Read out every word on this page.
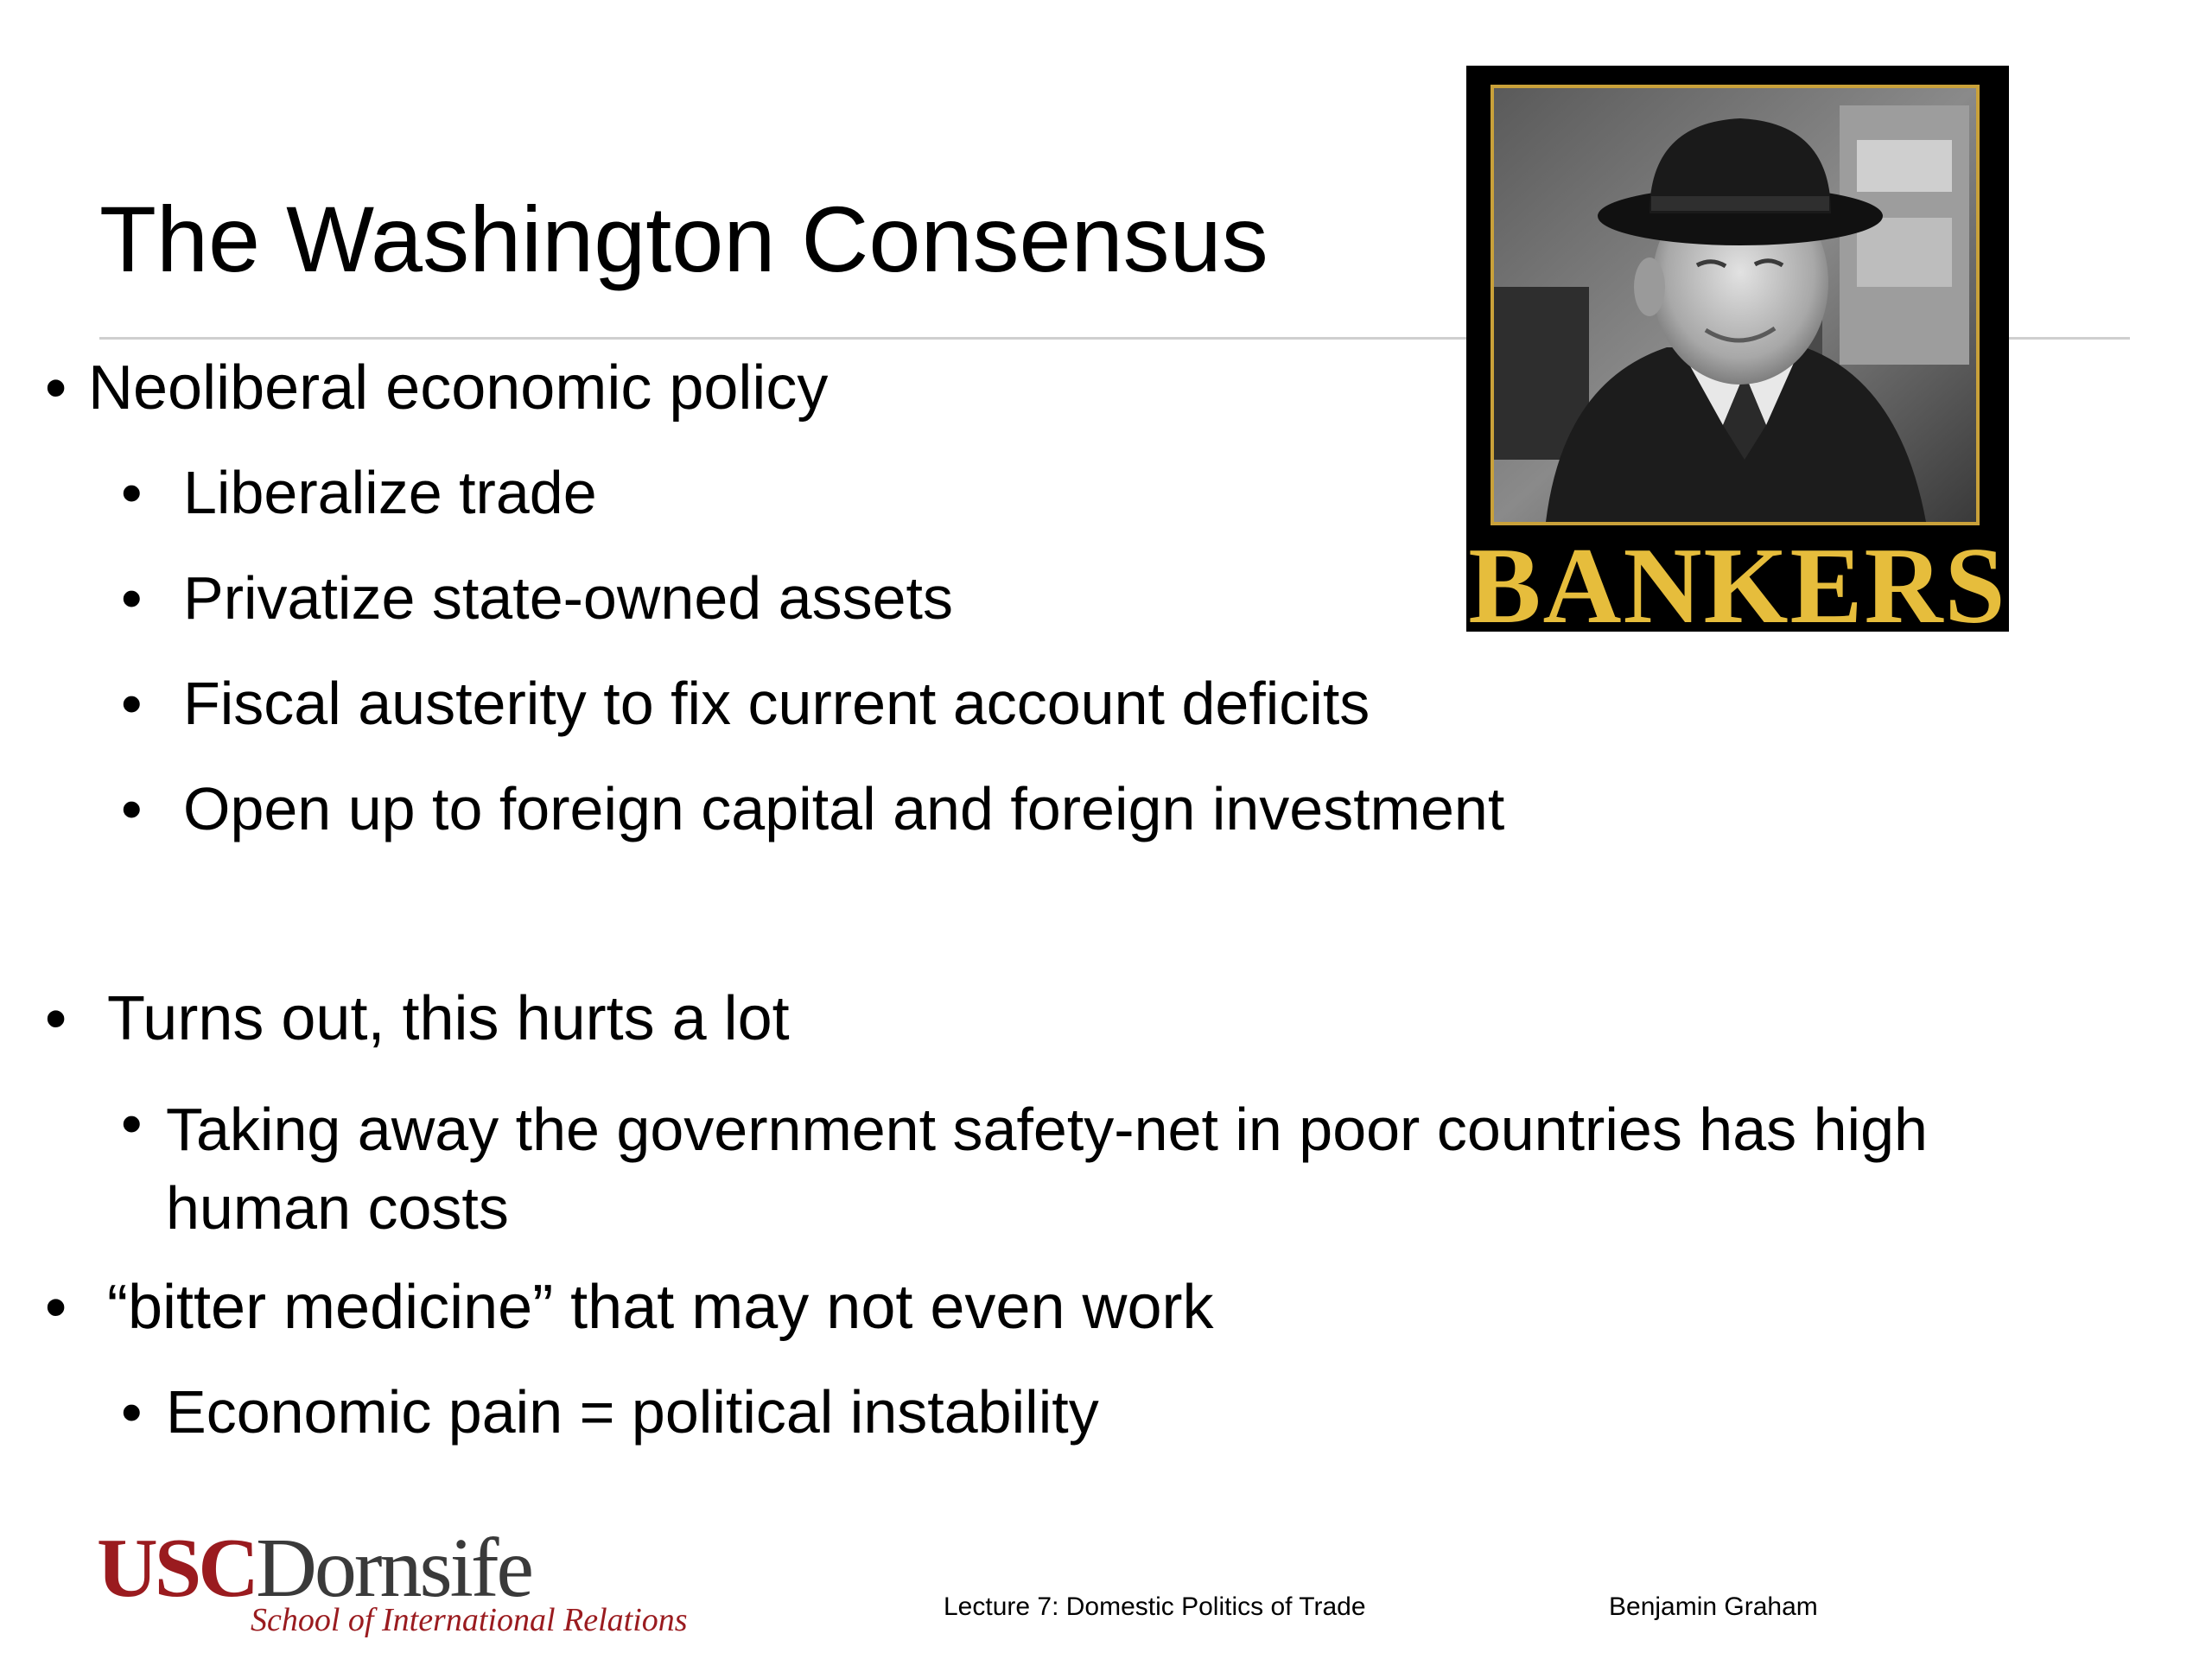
The Washington Consensus
BANKERS
THE HOUSE ALWAYS WINS
• Neoliberal economic policy
• Liberalize trade
• Privatize state-owned assets
• Fiscal austerity to fix current account deficits
• Open up to foreign capital and foreign investment
• Turns out, this hurts a lot
• Taking away the government safety-net in poor countries has high human costs
• “bitter medicine” that may not even work
• Economic pain = political instability
USCDornsife
School of International Relations	Lecture 7: Domestic Politics of Trade	Benjamin Graham
